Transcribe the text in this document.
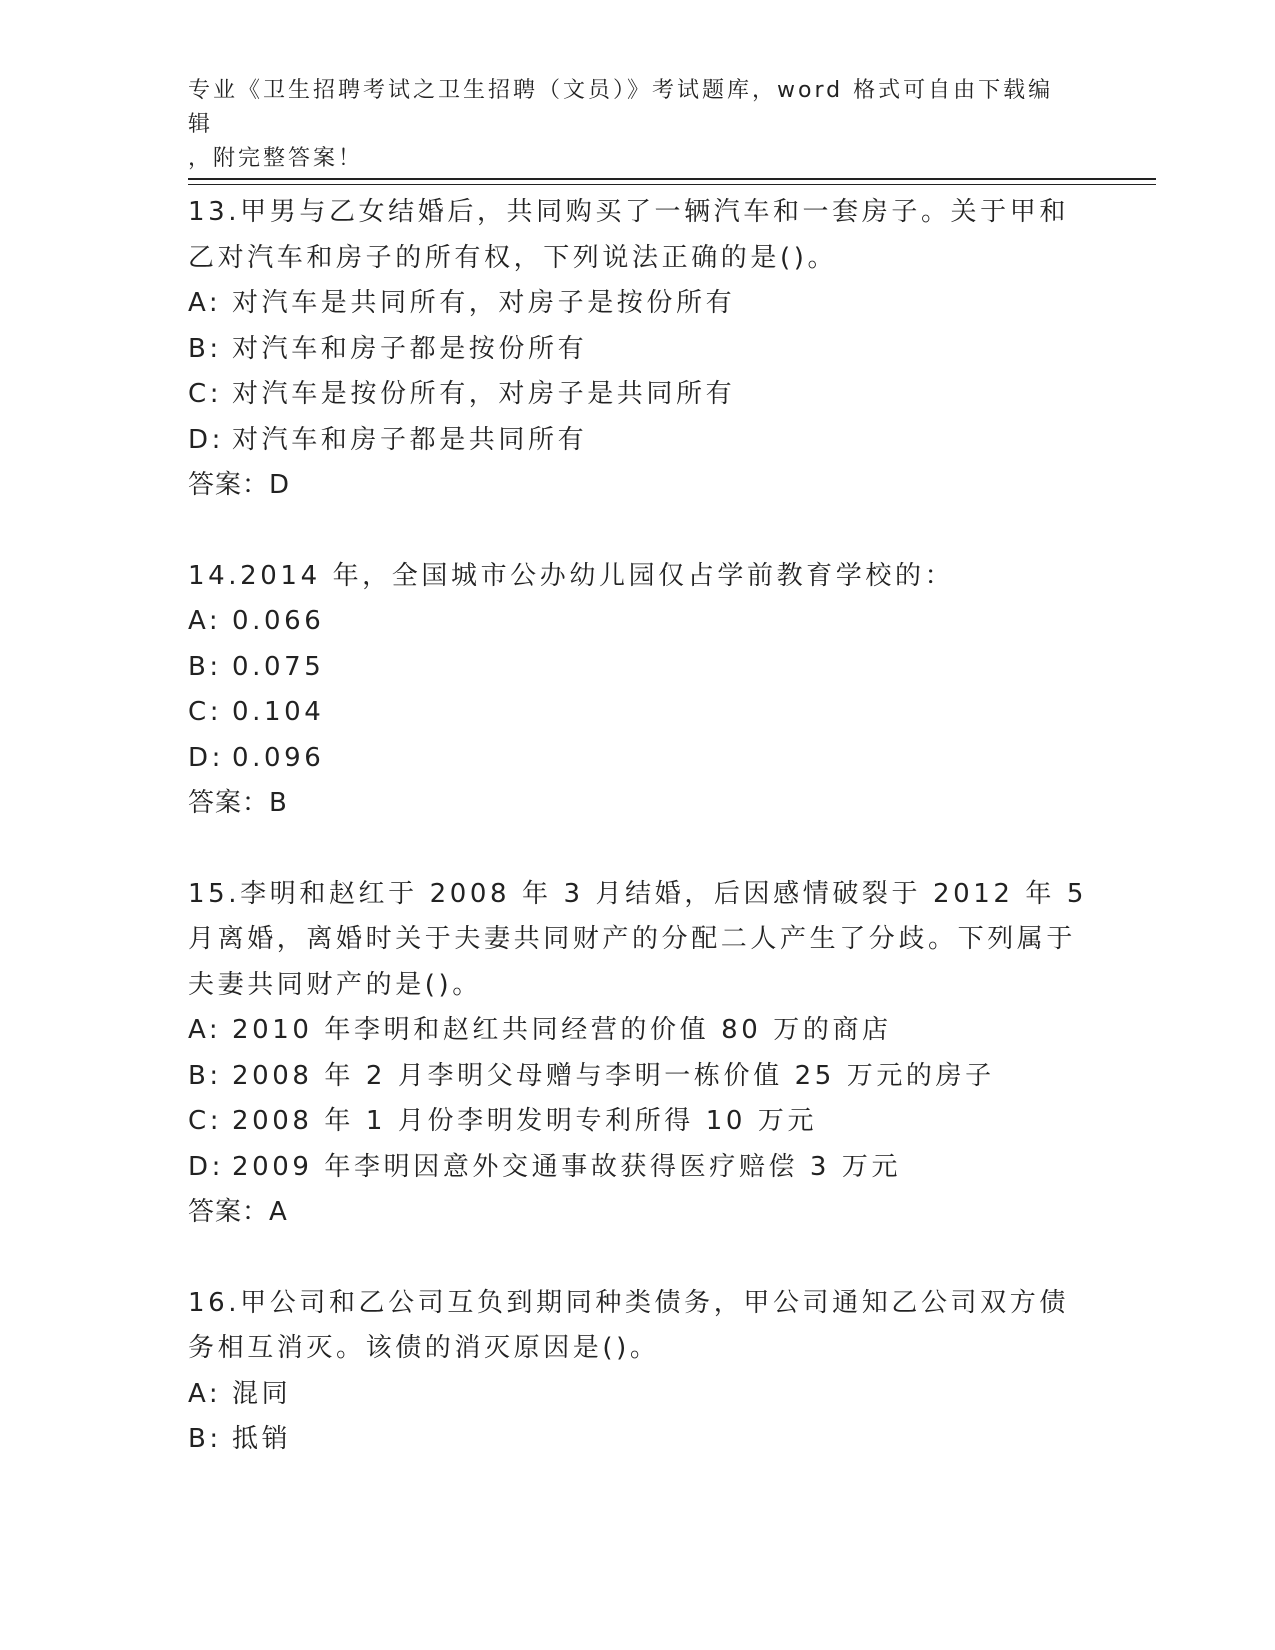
专业《卫生招聘考试之卫生招聘（文员）》考试题库，word 格式可自由下载编辑
，附完整答案！
13.甲男与乙女结婚后，共同购买了一辆汽车和一套房子。关于甲和乙对汽车和房子的所有权，下列说法正确的是()。
A: 对汽车是共同所有，对房子是按份所有
B: 对汽车和房子都是按份所有
C: 对汽车是按份所有，对房子是共同所有
D: 对汽车和房子都是共同所有
答案：D
14.2014 年，全国城市公办幼儿园仅占学前教育学校的：
A: 0.066
B: 0.075
C: 0.104
D: 0.096
答案：B
15.李明和赵红于 2008 年 3 月结婚，后因感情破裂于 2012 年 5 月离婚，离婚时关于夫妻共同财产的分配二人产生了分歧。下列属于夫妻共同财产的是()。
A: 2010 年李明和赵红共同经营的价值 80 万的商店
B: 2008 年 2 月李明父母赠与李明一栋价值 25 万元的房子
C: 2008 年 1 月份李明发明专利所得 10 万元
D: 2009 年李明因意外交通事故获得医疗赔偿 3 万元
答案：A
16.甲公司和乙公司互负到期同种类债务，甲公司通知乙公司双方债务相互消灭。该债的消灭原因是()。
A: 混同
B: 抵销
